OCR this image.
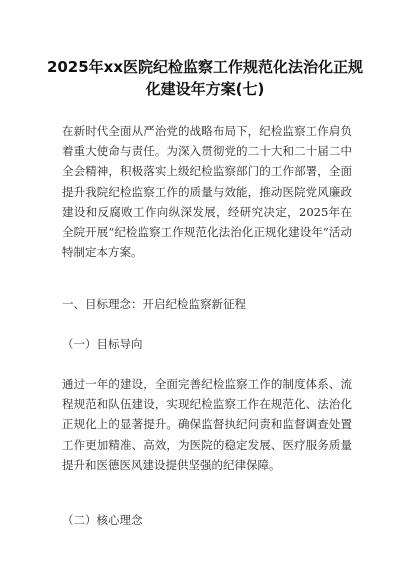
2025年xx医院纪检监察工作规范化法治化正规化建设年方案(七)

在新时代全面从严治党的战略布局下，纪检监察工作肩负着重大使命与责任。为深入贯彻党的二十大和二十届二中全会精神，积极落实上级纪检监察部门的工作部署，全面提升我院纪检监察工作的质量与效能，推动医院党风廉政建设和反腐败工作向纵深发展，经研究决定，2025年在全院开展“纪检监察工作规范化法治化正规化建设年”活动特制定本方案。

一、目标理念：开启纪检监察新征程

（一）目标导向

通过一年的建设，全面完善纪检监察工作的制度体系、流程规范和队伍建设，实现纪检监察工作在规范化、法治化正规化上的显著提升。确保监督执纪问责和监督调查处置工作更加精准、高效，为医院的稳定发展、医疗服务质量提升和医德医风建设提供坚强的纪律保障。

（二）核心理念
